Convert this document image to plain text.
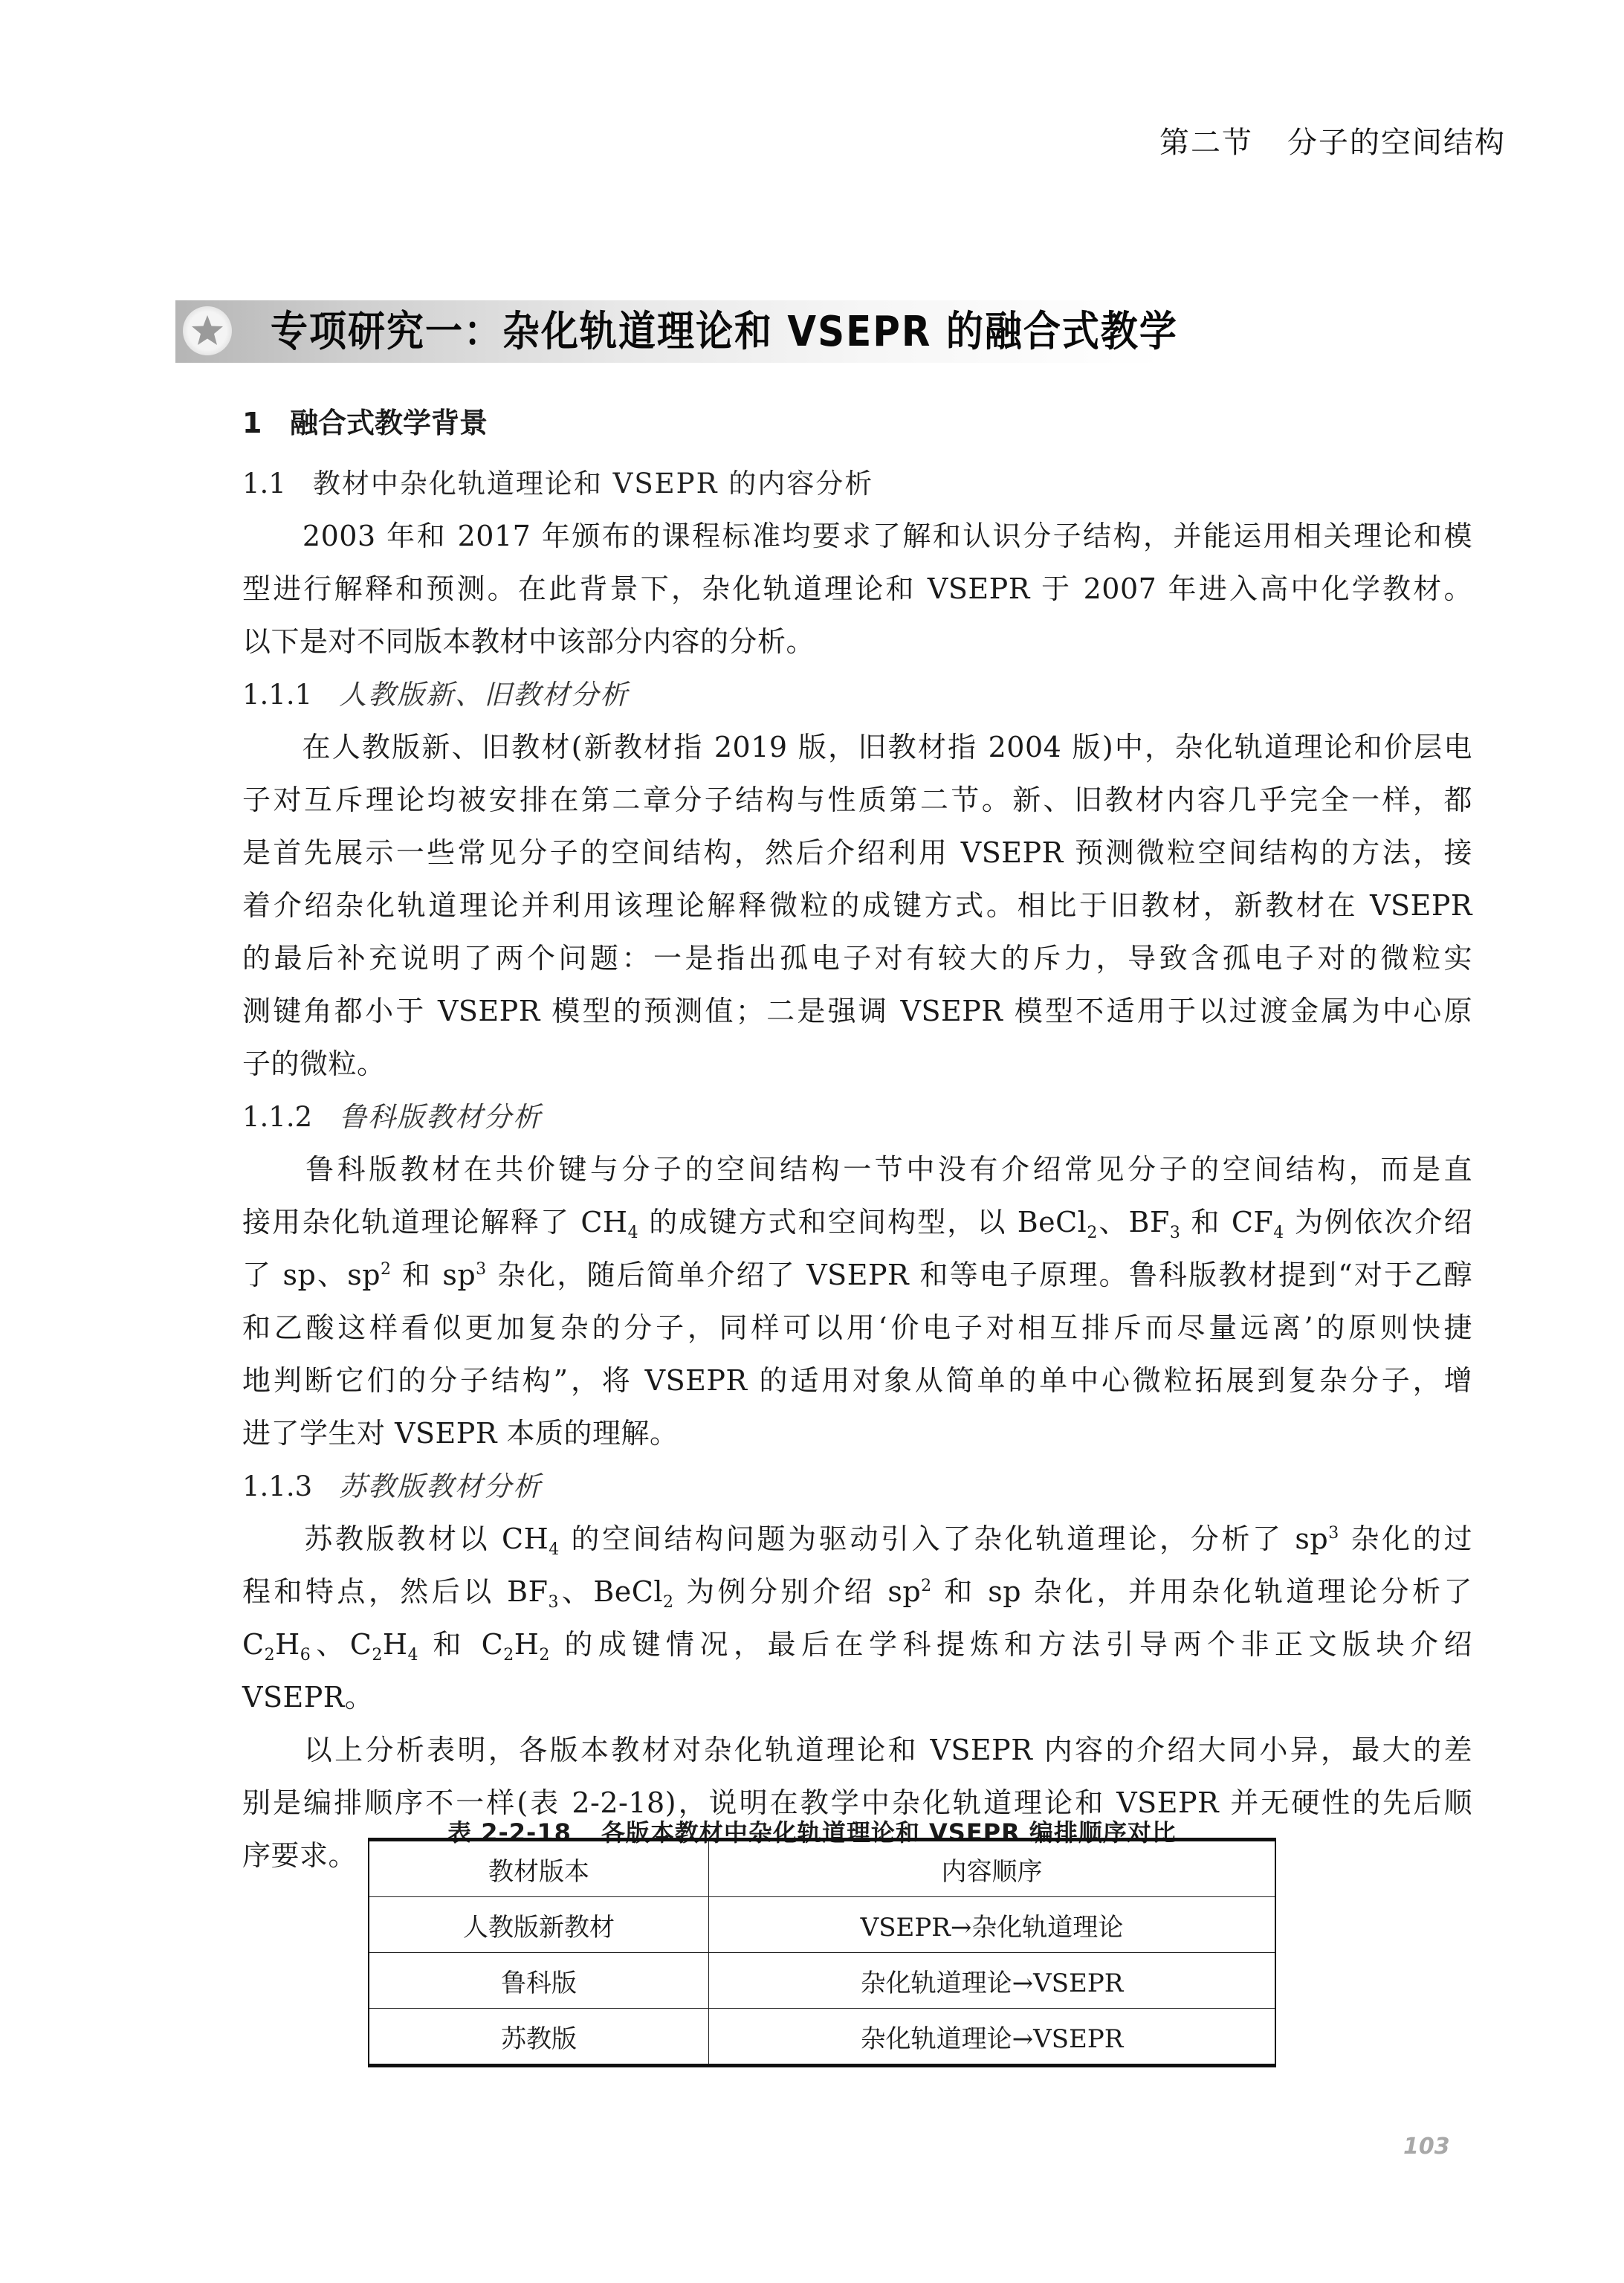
第二节 分子的空间结构
专项研究一：杂化轨道理论和 VSEPR 的融合式教学
1 融合式教学背景
1.1 教材中杂化轨道理论和 VSEPR 的内容分析
　　2003 年和 2017 年颁布的课程标准均要求了解和认识分子结构，并能运用相关理论和模
型进行解释和预测。在此背景下，杂化轨道理论和 VSEPR 于 2007 年进入高中化学教材。
以下是对不同版本教材中该部分内容的分析。
1.1.1 人教版新、旧教材分析
　　在人教版新、旧教材(新教材指 2019 版，旧教材指 2004 版)中，杂化轨道理论和价层电
子对互斥理论均被安排在第二章分子结构与性质第二节。新、旧教材内容几乎完全一样，都
是首先展示一些常见分子的空间结构，然后介绍利用 VSEPR 预测微粒空间结构的方法，接
着介绍杂化轨道理论并利用该理论解释微粒的成键方式。相比于旧教材，新教材在 VSEPR
的最后补充说明了两个问题：一是指出孤电子对有较大的斥力，导致含孤电子对的微粒实
测键角都小于 VSEPR 模型的预测值；二是强调 VSEPR 模型不适用于以过渡金属为中心原
子的微粒。
1.1.2 鲁科版教材分析
　　鲁科版教材在共价键与分子的空间结构一节中没有介绍常见分子的空间结构，而是直
接用杂化轨道理论解释了 $CH_4$ 的成键方式和空间构型，以 BeCl$_2$、$BF_3$ 和 $CF_4$ 为例依次介绍
了 sp、$sp^2$ 和 $sp^3$ 杂化，随后简单介绍了 VSEPR 和等电子原理。鲁科版教材提到“对于乙醇
和乙酸这样看似更加复杂的分子，同样可以用‘价电子对相互排斥而尽量远离’的原则快捷
地判断它们的分子结构”，将 VSEPR 的适用对象从简单的单中心微粒拓展到复杂分子，增
进了学生对 VSEPR 本质的理解。
1.1.3 苏教版教材分析
　　苏教版教材以 $CH_4$ 的空间结构问题为驱动引入了杂化轨道理论，分析了 $sp^3$ 杂化的过
程和特点，然后以 $BF_3$、BeCl$_2$ 为例分别介绍 $sp^2$ 和 sp 杂化，并用杂化轨道理论分析了
$C_2H_6$、$C_2H_4$ 和 $C_2H_2$ 的成键情况，最后在学科提炼和方法引导两个非正文版块介绍
VSEPR。
　　以上分析表明，各版本教材对杂化轨道理论和 VSEPR 内容的介绍大同小异，最大的差
别是编排顺序不一样(表 2-2-18)，说明在教学中杂化轨道理论和 VSEPR 并无硬性的先后顺
序要求。
表 2-2-18 各版本教材中杂化轨道理论和 VSEPR 编排顺序对比
教材版本	内容顺序
人教版新教材	VSEPR→杂化轨道理论
鲁科版	杂化轨道理论→VSEPR
苏教版	杂化轨道理论→VSEPR
103
